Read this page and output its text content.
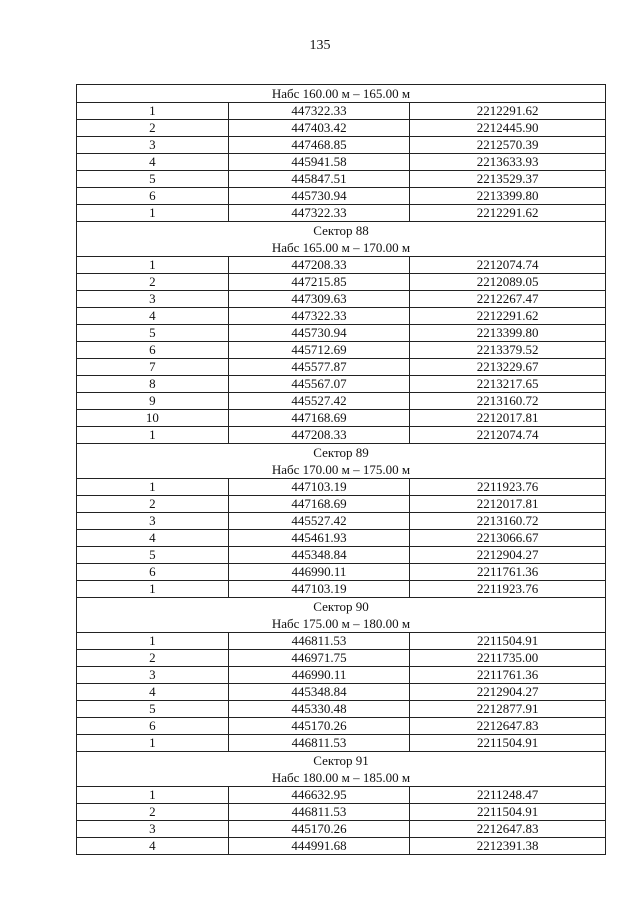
135
Набс 160.00 м – 165.00 м		

1	447322.33	2212291.62
2	447403.42	2212445.90
3	447468.85	2212570.39
4	445941.58	2213633.93
5	445847.51	2213529.37
6	445730.94	2213399.80
1	447322.33	2212291.62

Сектор 88
Набс 165.00 м – 170.00 м		

1	447208.33	2212074.74
2	447215.85	2212089.05
3	447309.63	2212267.47
4	447322.33	2212291.62
5	445730.94	2213399.80
6	445712.69	2213379.52
7	445577.87	2213229.67
8	445567.07	2213217.65
9	445527.42	2213160.72
10	447168.69	2212017.81
1	447208.33	2212074.74

Сектор 89
Набс 170.00 м – 175.00 м		

1	447103.19	2211923.76
2	447168.69	2212017.81
3	445527.42	2213160.72
4	445461.93	2213066.67
5	445348.84	2212904.27
6	446990.11	2211761.36
1	447103.19	2211923.76

Сектор 90
Набс 175.00 м – 180.00 м		

1	446811.53	2211504.91
2	446971.75	2211735.00
3	446990.11	2211761.36
4	445348.84	2212904.27
5	445330.48	2212877.91
6	445170.26	2212647.83
1	446811.53	2211504.91

Сектор 91
Набс 180.00 м – 185.00 м		

1	446632.95	2211248.47
2	446811.53	2211504.91
3	445170.26	2212647.83
4	444991.68	2212391.38
